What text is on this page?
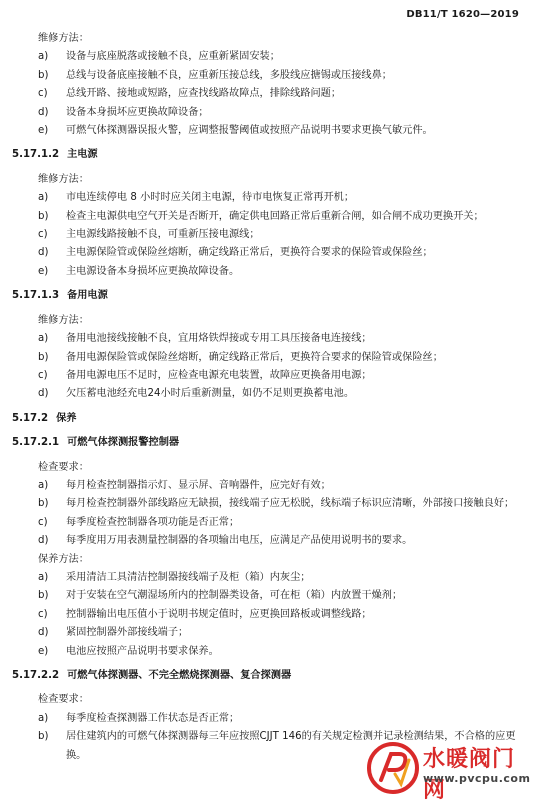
DB11/T 1620—2019
维修方法：
a)	设备与底座脱落或接触不良，应重新紧固安装；
b)	总线与设备底座接触不良，应重新压接总线，多股线应搪锡或压接线鼻；
c)	总线开路、接地或短路，应查找线路故障点，排除线路问题；
d)	设备本身损坏应更换故障设备；
e)	可燃气体探测器误报火警，应调整报警阈值或按照产品说明书要求更换气敏元件。
5.17.1.2 主电源
维修方法：
a)	市电连续停电 8 小时时应关闭主电源，待市电恢复正常再开机；
b)	检查主电源供电空气开关是否断开，确定供电回路正常后重新合闸，如合闸不成功更换开关；
c)	主电源线路接触不良，可重新压接电源线；
d)	主电源保险管或保险丝熔断，确定线路正常后，更换符合要求的保险管或保险丝；
e)	主电源设备本身损坏应更换故障设备。
5.17.1.3 备用电源
维修方法：
a)	备用电池接线接触不良，宜用烙铁焊接或专用工具压接备电连接线；
b)	备用电源保险管或保险丝熔断，确定线路正常后，更换符合要求的保险管或保险丝；
c)	备用电源电压不足时，应检查电源充电装置，故障应更换备用电源；
d)	欠压蓄电池经充电24小时后重新测量，如仍不足则更换蓄电池。
5.17.2 保养
5.17.2.1 可燃气体探测报警控制器
检查要求：
a)	每月检查控制器指示灯、显示屏、音响器件，应完好有效；
b)	每月检查控制器外部线路应无缺损，接线端子应无松脱，线标端子标识应清晰，外部接口接触良好；
c)	每季度检查控制器各项功能是否正常；
d)	每季度用万用表测量控制器的各项输出电压，应满足产品使用说明书的要求。
保养方法：
a)	采用清洁工具清洁控制器接线端子及柜（箱）内灰尘；
b)	对于安装在空气潮湿场所内的控制器类设备，可在柜（箱）内放置干燥剂；
c)	控制器输出电压值小于说明书规定值时，应更换回路板或调整线路；
d)	紧固控制器外部接线端子；
e)	电池应按照产品说明书要求保养。
5.17.2.2 可燃气体探测器、不完全燃烧探测器、复合探测器
检查要求：
a)	每季度检查探测器工作状态是否正常；
b)	居住建筑内的可燃气体探测器每三年应按照CJJT 146的有关规定检测并记录检测结果，不合格的应更换。	水暖阀门网
www.pvcpu.com
